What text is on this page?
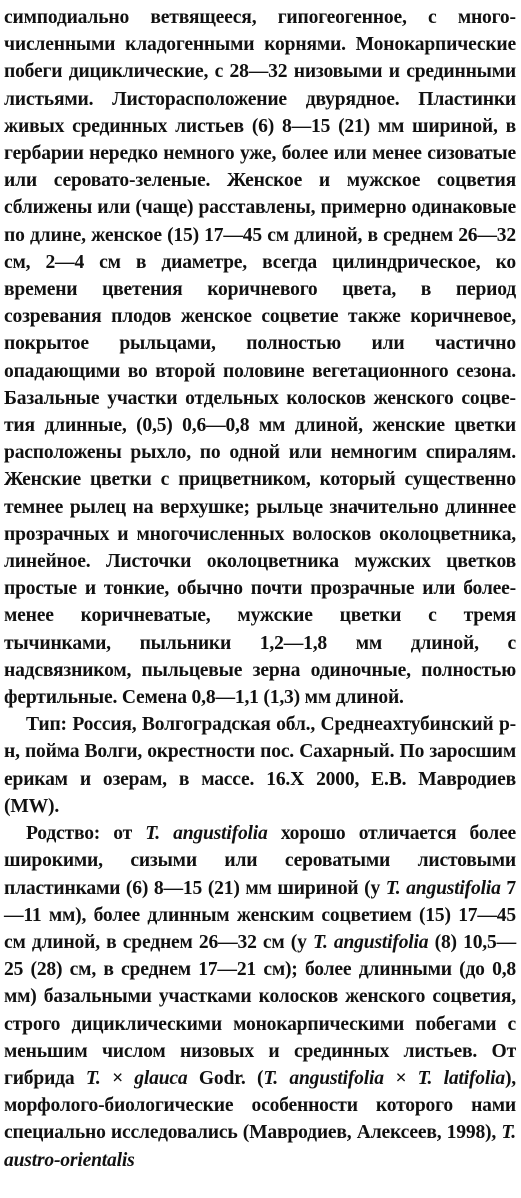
симподиально ветвящееся, гипогеогенное, с многочисленными кладогенными корнями. Монокарпические побеги дициклические, с 28—32 низовыми и срединными листьями. Листорасположение двурядное. Пластинки живых срединных листьев (6) 8—15 (21) мм шириной, в гербарии нередко немного уже, более или менее сизоватые или серовато-зеленые. Женское и мужское соцветия сближены или (чаще) расставлены, примерно одинаковые по длине, женское (15) 17—45 см длиной, в среднем 26—32 см, 2—4 см в диаметре, всегда цилиндрическое, ко времени цветения коричневого цвета, в период созревания плодов женское соцветие также коричневое, покрытое рыльцами, полностью или частично опадающими во второй половине вегетационного сезона. Базальные участки отдельных колосков женского соцветия длинные, (0,5) 0,6—0,8 мм длиной, женские цветки расположены рыхло, по одной или немногим спиралям. Женские цветки с прицветником, который существенно темнее рылец на верхушке; рыльце значительно длиннее прозрачных и многочисленных волосков околоцветника, линейное. Листочки околоцветника мужских цветков простые и тонкие, обычно почти прозрачные или более-менее коричневатые, мужские цветки с тремя тычинками, пыльники 1,2—1,8 мм длиной, с надсвязником, пыльцевые зерна одиночные, полностью фертильные. Семена 0,8—1,1 (1,3) мм длиной.

Тип: Россия, Волгоградская обл., Среднеахтубинский р-н, пойма Волги, окрестности пос. Сахарный. По заросшим ерикам и озерам, в массе. 16.X 2000, Е.В. Мавродиев (MW).

Родство: от T. angustifolia хорошо отличается более широкими, сизыми или сероватыми листовыми пластинками (6) 8—15 (21) мм шириной (у T. angustifolia 7—11 мм), более длинным женским соцветием (15) 17—45 см длиной, в среднем 26—32 см (у T. angustifolia (8) 10,5—25 (28) см, в среднем 17—21 см); более длинными (до 0,8 мм) базальными участками колосков женского соцветия, строго дициклическими монокарпическими побегами с меньшим числом низовых и срединных листьев. От гибрида T. × glauca Godr. (T. angustifolia × T. latifolia), морфолого-биологические особенности которого нами специально исследовались (Мавродиев, Алексеев, 1998), T. austro-orientalis
